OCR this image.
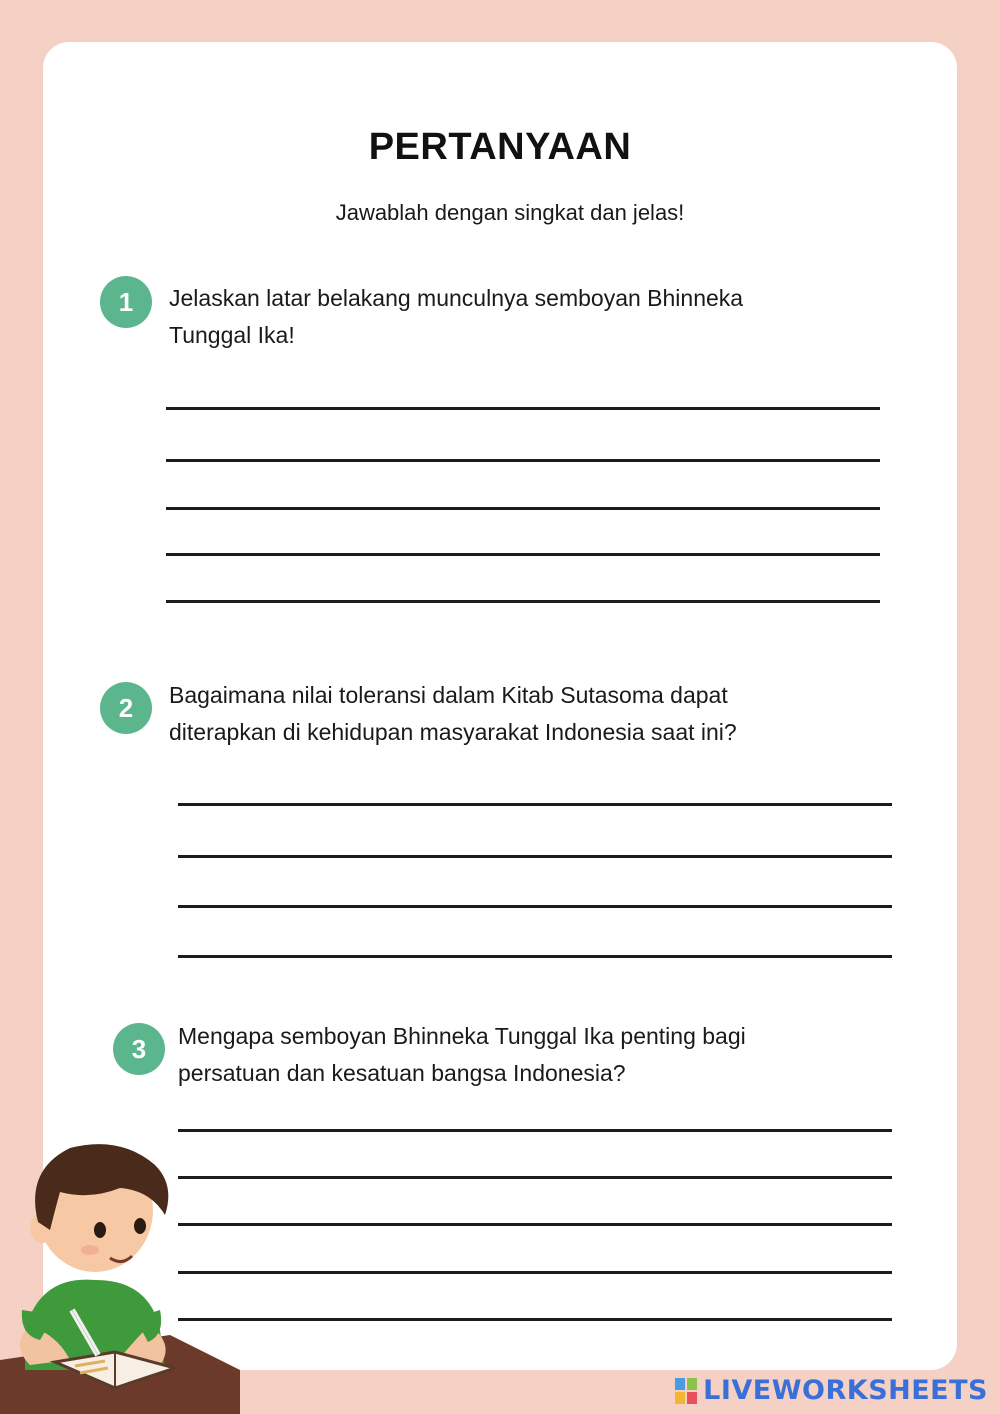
PERTANYAAN
Jawablah dengan singkat dan jelas!
1	Jelaskan latar belakang munculnya semboyan Bhinneka
Tunggal Ika!
2	Bagaimana nilai toleransi dalam Kitab Sutasoma dapat
diterapkan di kehidupan masyarakat Indonesia saat ini?
3	Mengapa semboyan Bhinneka Tunggal Ika penting bagi
persatuan dan kesatuan bangsa Indonesia?
LIVEWORKSHEETS
